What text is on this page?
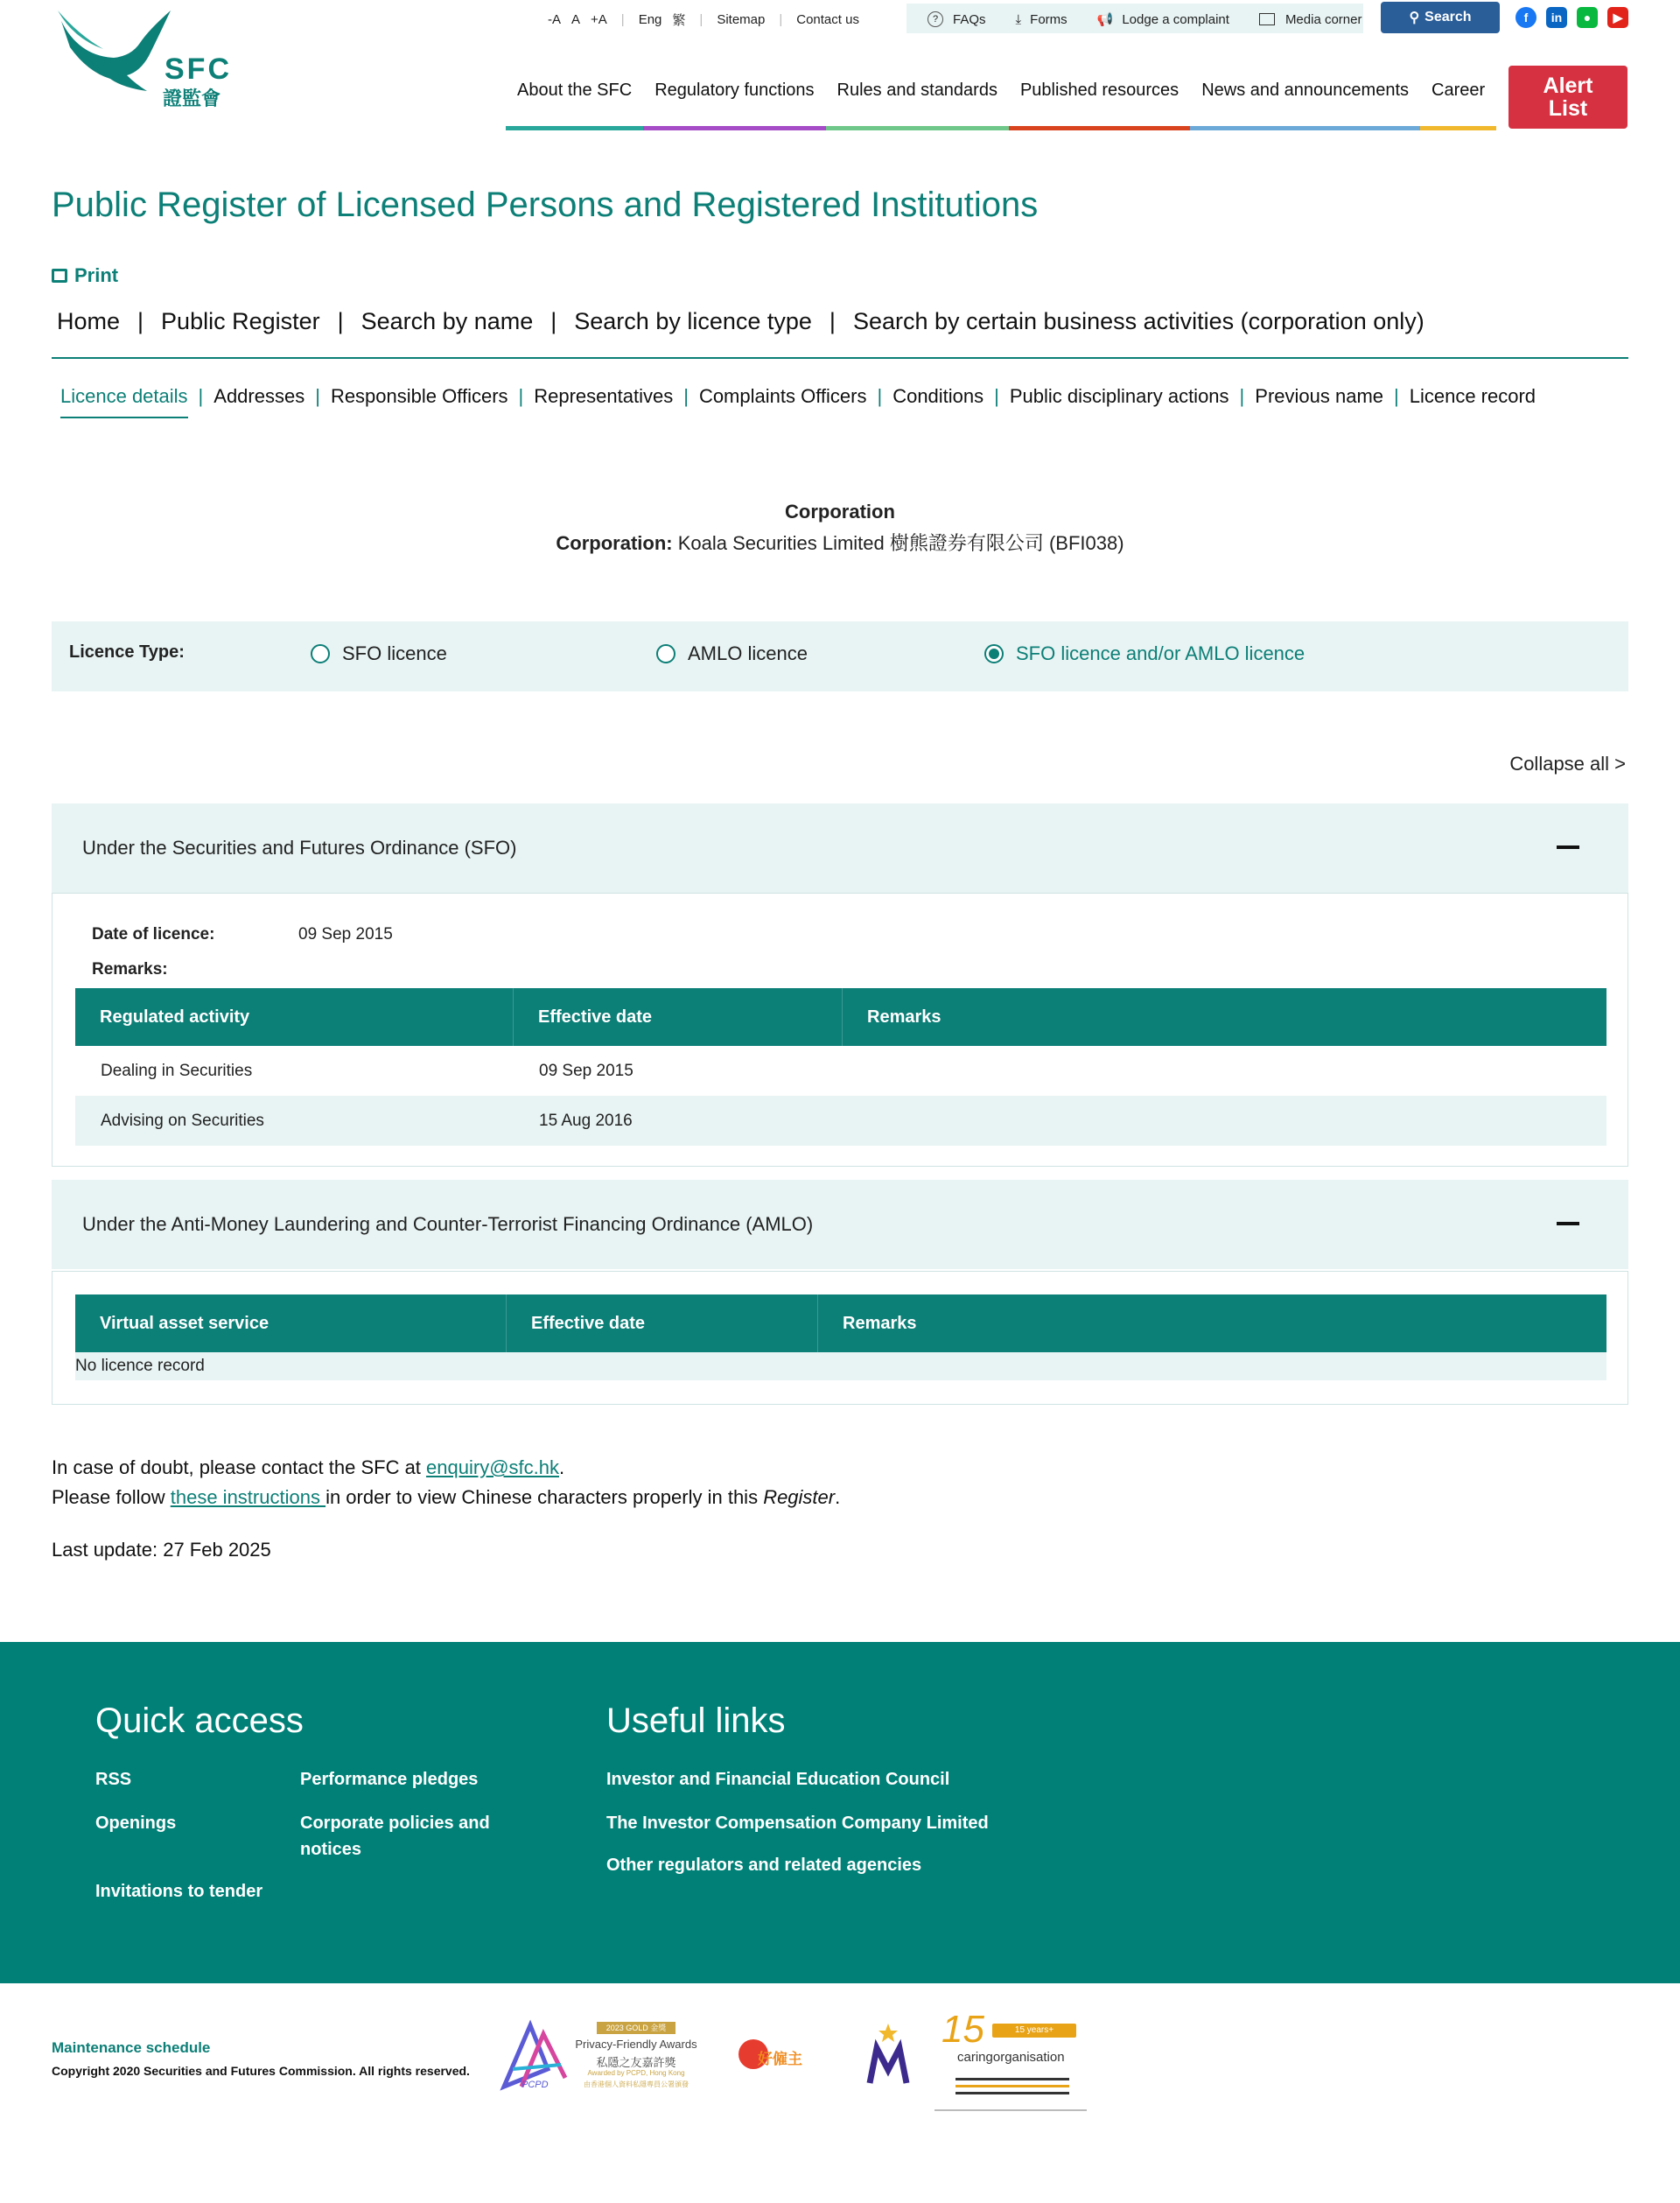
SFC
證監會
-A A +A | Eng 繁 | Sitemap | Contact us	?	FAQs ⤓ Forms 📢 Lodge a complaint	Media corner	⚲ Search	f	in	●	▶
About the SFC	Regulatory functions	Rules and standards	Published resources	News and announcements	Career	Alert List
Public Register of Licensed Persons and Registered Institutions
Print
Home | Public Register | Search by name | Search by licence type | Search by certain business activities (corporation only)
Licence details | Addresses | Responsible Officers | Representatives | Complaints Officers | Conditions | Public disciplinary actions | Previous name | Licence record
Corporation
Corporation: Koala Securities Limited 樹熊證券有限公司 (BFI038)
Licence Type:	SFO licence	AMLO licence	SFO licence and/or AMLO licence
Collapse all >
Under the Securities and Futures Ordinance (SFO)
Date of licence:	09 Sep 2015
Remarks:
Regulated activity	Effective date	Remarks
Dealing in Securities	09 Sep 2015
Advising on Securities	15 Aug 2016
Under the Anti-Money Laundering and Counter-Terrorist Financing Ordinance (AMLO)
Virtual asset service	Effective date	Remarks
No licence record
In case of doubt, please contact the SFC at enquiry@sfc.hk.
Please follow these instructions in order to view Chinese characters properly in this Register.
Last update: 27 Feb 2025
Quick access
RSS	Performance pledges
Openings	Corporate policies and notices
Invitations to tender
Useful links
Investor and Financial Education Council
The Investor Compensation Company Limited
Other regulators and related agencies
Maintenance schedule
Copyright 2020 Securities and Futures Commission. All rights reserved.
PCPD
2023 GOLD 金獎
Privacy-Friendly Awards
私隱之友嘉許獎
Awarded by PCPD, Hong Kong
由香港個人資料私隱專員公署頒發
好僱主
15	15 years+
caringorganisation
